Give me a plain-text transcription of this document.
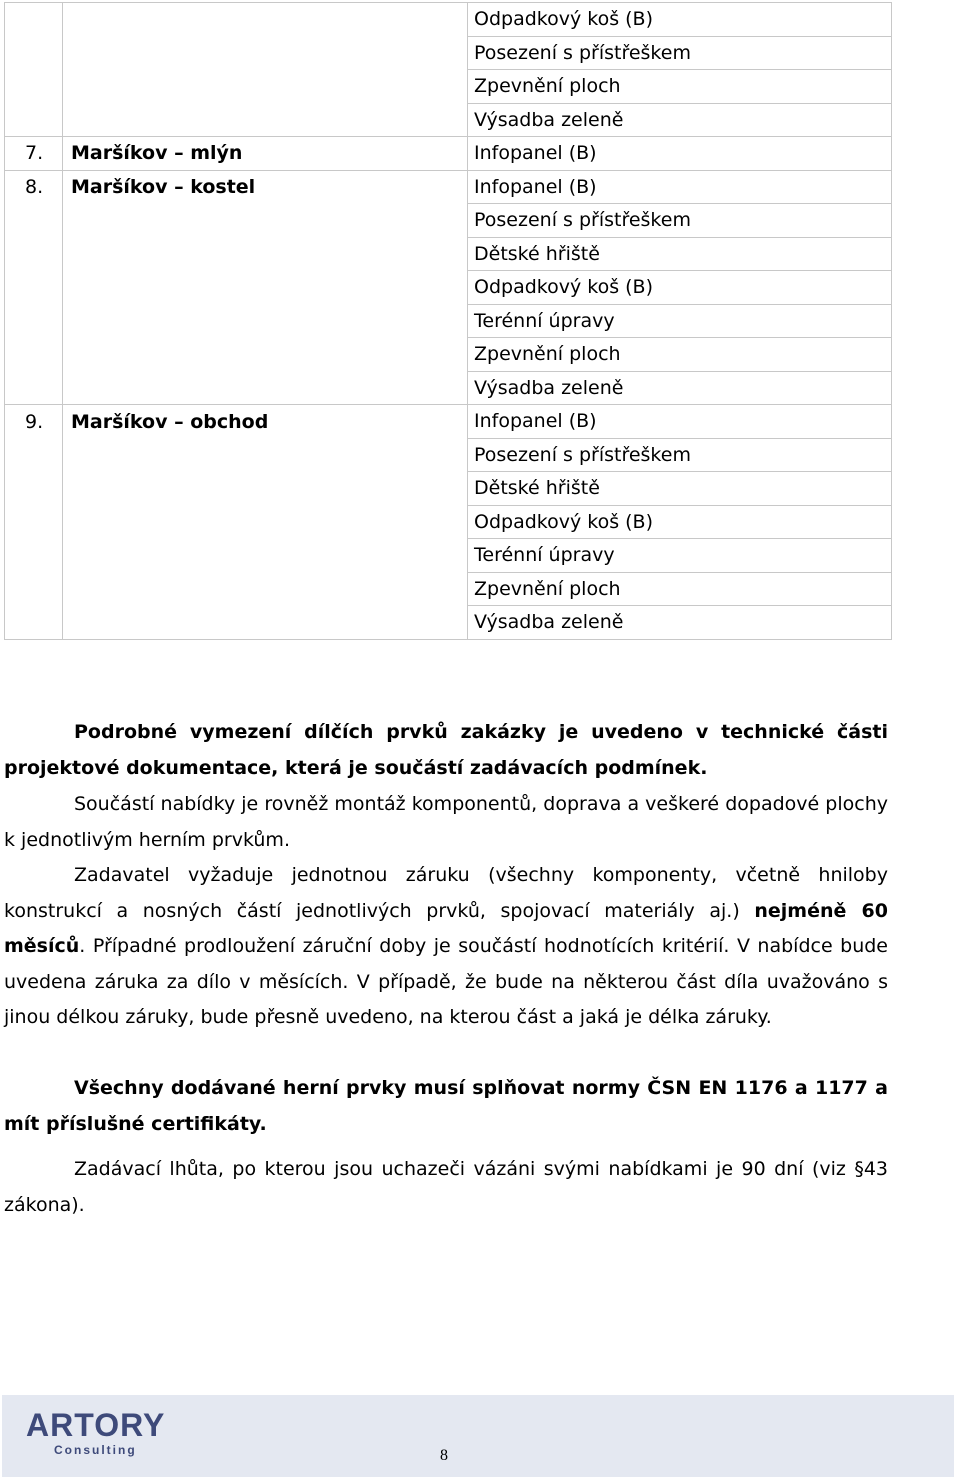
		Odpadkový koš (B)
		Posezení s přístřeškem
		Zpevnění ploch
		Výsadba zeleně
7.	Maršíkov – mlýn	Infopanel (B)
8.	Maršíkov – kostel	Infopanel (B)
		Posezení s přístřeškem
		Dětské hřiště
		Odpadkový koš (B)
		Terénní úpravy
		Zpevnění ploch
		Výsadba zeleně
9.	Maršíkov – obchod	Infopanel (B)
		Posezení s přístřeškem
		Dětské hřiště
		Odpadkový koš (B)
		Terénní úpravy
		Zpevnění ploch
		Výsadba zeleně
Podrobné vymezení dílčích prvků zakázky je uvedeno v technické části projektové dokumentace, která je součástí zadávacích podmínek.
Součástí nabídky je rovněž montáž komponentů, doprava a veškeré dopadové plochy k jednotlivým herním prvkům.
Zadavatel vyžaduje jednotnou záruku (všechny komponenty, včetně hniloby konstrukcí a nosných částí jednotlivých prvků, spojovací materiály aj.) nejméně 60 měsíců. Případné prodloužení záruční doby je součástí hodnotících kritérií. V nabídce bude uvedena záruka za dílo v měsících. V případě, že bude na některou část díla uvažováno s jinou délkou záruky, bude přesně uvedeno, na kterou část a jaká je délka záruky.
Všechny dodávané herní prvky musí splňovat normy ČSN EN 1176 a 1177 a mít příslušné certifikáty.
Zadávací lhůta, po kterou jsou uchazeči vázáni svými nabídkami je 90 dní (viz §43 zákona).
ARTORY
Consulting	8
